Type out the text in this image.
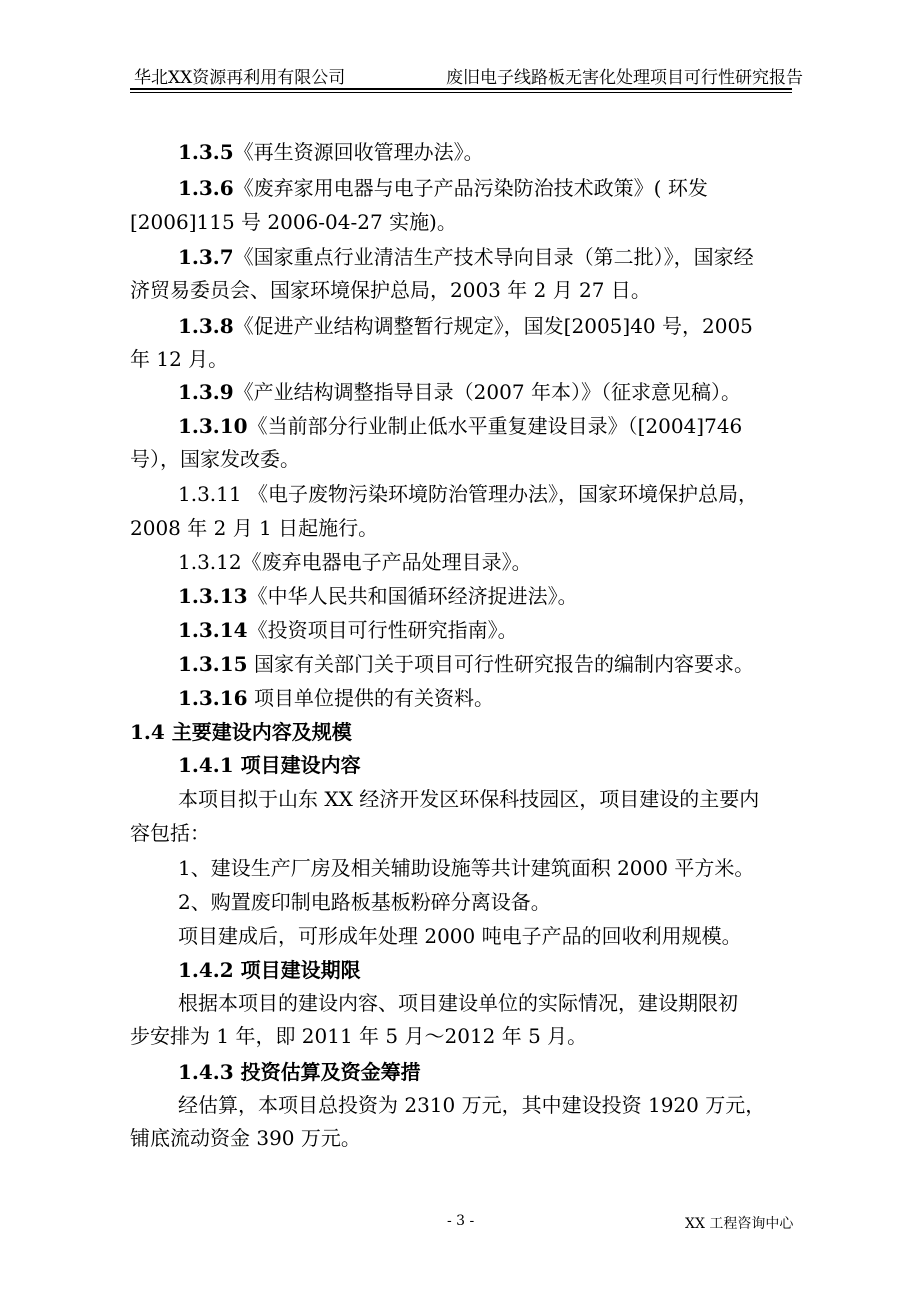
华北XX资源再利用有限公司	废旧电子线路板无害化处理项目可行性研究报告
1.3.5《再生资源回收管理办法》。
1.3.6《废弃家用电器与电子产品污染防治技术政策》( 环发
[2006]115 号 2006-04-27 实施)。
1.3.7《国家重点行业清洁生产技术导向目录（第二批）》，国家经
济贸易委员会、国家环境保护总局，2003 年 2 月 27 日。
1.3.8《促进产业结构调整暂行规定》，国发[2005]40 号，2005
年 12 月。
1.3.9《产业结构调整指导目录（2007 年本）》（征求意见稿）。
1.3.10《当前部分行业制止低水平重复建设目录》（[2004]746
号），国家发改委。
1.3.11 《电子废物污染环境防治管理办法》，国家环境保护总局，
2008 年 2 月 1 日起施行。
1.3.12《废弃电器电子产品处理目录》。
1.3.13《中华人民共和国循环经济捉进法》。
1.3.14《投资项目可行性研究指南》。
1.3.15 国家有关部门关于项目可行性研究报告的编制内容要求。
1.3.16 项目单位提供的有关资料。
1.4 主要建设内容及规模
1.4.1 项目建设内容
本项目拟于山东 XX 经济开发区环保科技园区，项目建设的主要内
容包括：
1、建设生产厂房及相关辅助设施等共计建筑面积 2000 平方米。
2、购置废印制电路板基板粉碎分离设备。
项目建成后，可形成年处理 2000 吨电子产品的回收利用规模。
1.4.2 项目建设期限
根据本项目的建设内容、项目建设单位的实际情况，建设期限初
步安排为 1 年，即 2011 年 5 月～2012 年 5 月。
1.4.3 投资估算及资金筹措
经估算，本项目总投资为 2310 万元，其中建设投资 1920 万元，
铺底流动资金 390 万元。
- 3 -	XX 工程咨询中心
